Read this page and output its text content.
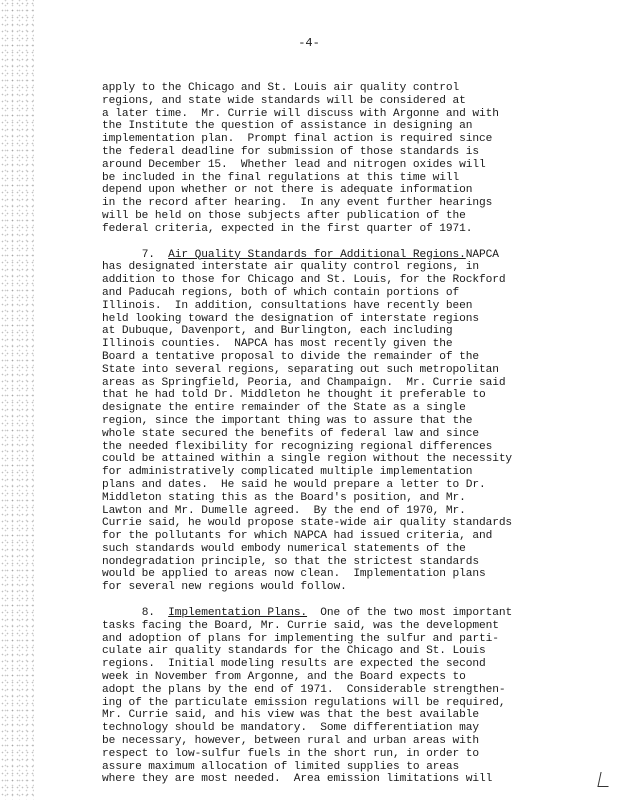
-4-
apply to the Chicago and St. Louis air quality control
regions, and state wide standards will be considered at
a later time.  Mr. Currie will discuss with Argonne and with
the Institute the question of assistance in designing an
implementation plan.  Prompt final action is required since
the federal deadline for submission of those standards is
around December 15.  Whether lead and nitrogen oxides will
be included in the final regulations at this time will
depend upon whether or not there is adequate information
in the record after hearing.  In any event further hearings
will be held on those subjects after publication of the
federal criteria, expected in the first quarter of 1971.
7. Air Quality Standards for Additional Regions.NAPCA
has designated interstate air quality control regions, in
addition to those for Chicago and St. Louis, for the Rockford
and Paducah regions, both of which contain portions of
Illinois.  In addition, consultations have recently been
held looking toward the designation of interstate regions
at Dubuque, Davenport, and Burlington, each including
Illinois counties.  NAPCA has most recently given the
Board a tentative proposal to divide the remainder of the
State into several regions, separating out such metropolitan
areas as Springfield, Peoria, and Champaign.  Mr. Currie said
that he had told Dr. Middleton he thought it preferable to
designate the entire remainder of the State as a single
region, since the important thing was to assure that the
whole state secured the benefits of federal law and since
the needed flexibility for recognizing regional differences
could be attained within a single region without the necessity
for administratively complicated multiple implementation
plans and dates.  He said he would prepare a letter to Dr.
Middleton stating this as the Board's position, and Mr.
Lawton and Mr. Dumelle agreed.  By the end of 1970, Mr.
Currie said, he would propose state-wide air quality standards
for the pollutants for which NAPCA had issued criteria, and
such standards would embody numerical statements of the
nondegradation principle, so that the strictest standards
would be applied to areas now clean.  Implementation plans
for several new regions would follow.
8. Implementation Plans. One of the two most important
tasks facing the Board, Mr. Currie said, was the development
and adoption of plans for implementing the sulfur and parti-
culate air quality standards for the Chicago and St. Louis
regions.  Initial modeling results are expected the second
week in November from Argonne, and the Board expects to
adopt the plans by the end of 1971.  Considerable strengthen-
ing of the particulate emission regulations will be required,
Mr. Currie said, and his view was that the best available
technology should be mandatory.  Some differentiation may
be necessary, however, between rural and urban areas with
respect to low-sulfur fuels in the short run, in order to
assure maximum allocation of limited supplies to areas
where they are most needed.  Area emission limitations will
